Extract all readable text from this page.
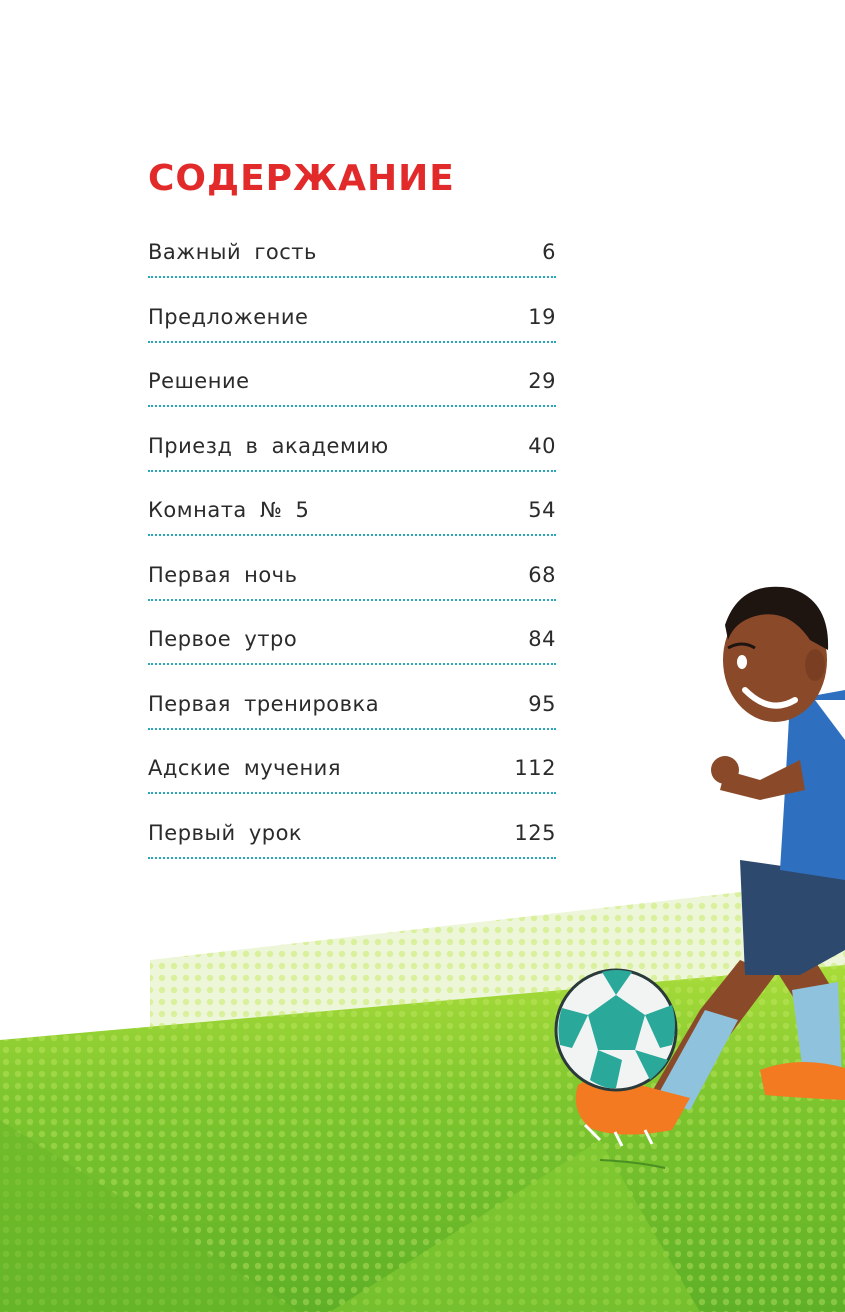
СОДЕРЖАНИЕ
Важный гость	6
Предложение	19
Решение	29
Приезд в академию	40
Комната № 5	54
Первая ночь	68
Первое утро	84
Первая тренировка	95
Адские мучения	112
Первый урок	125
